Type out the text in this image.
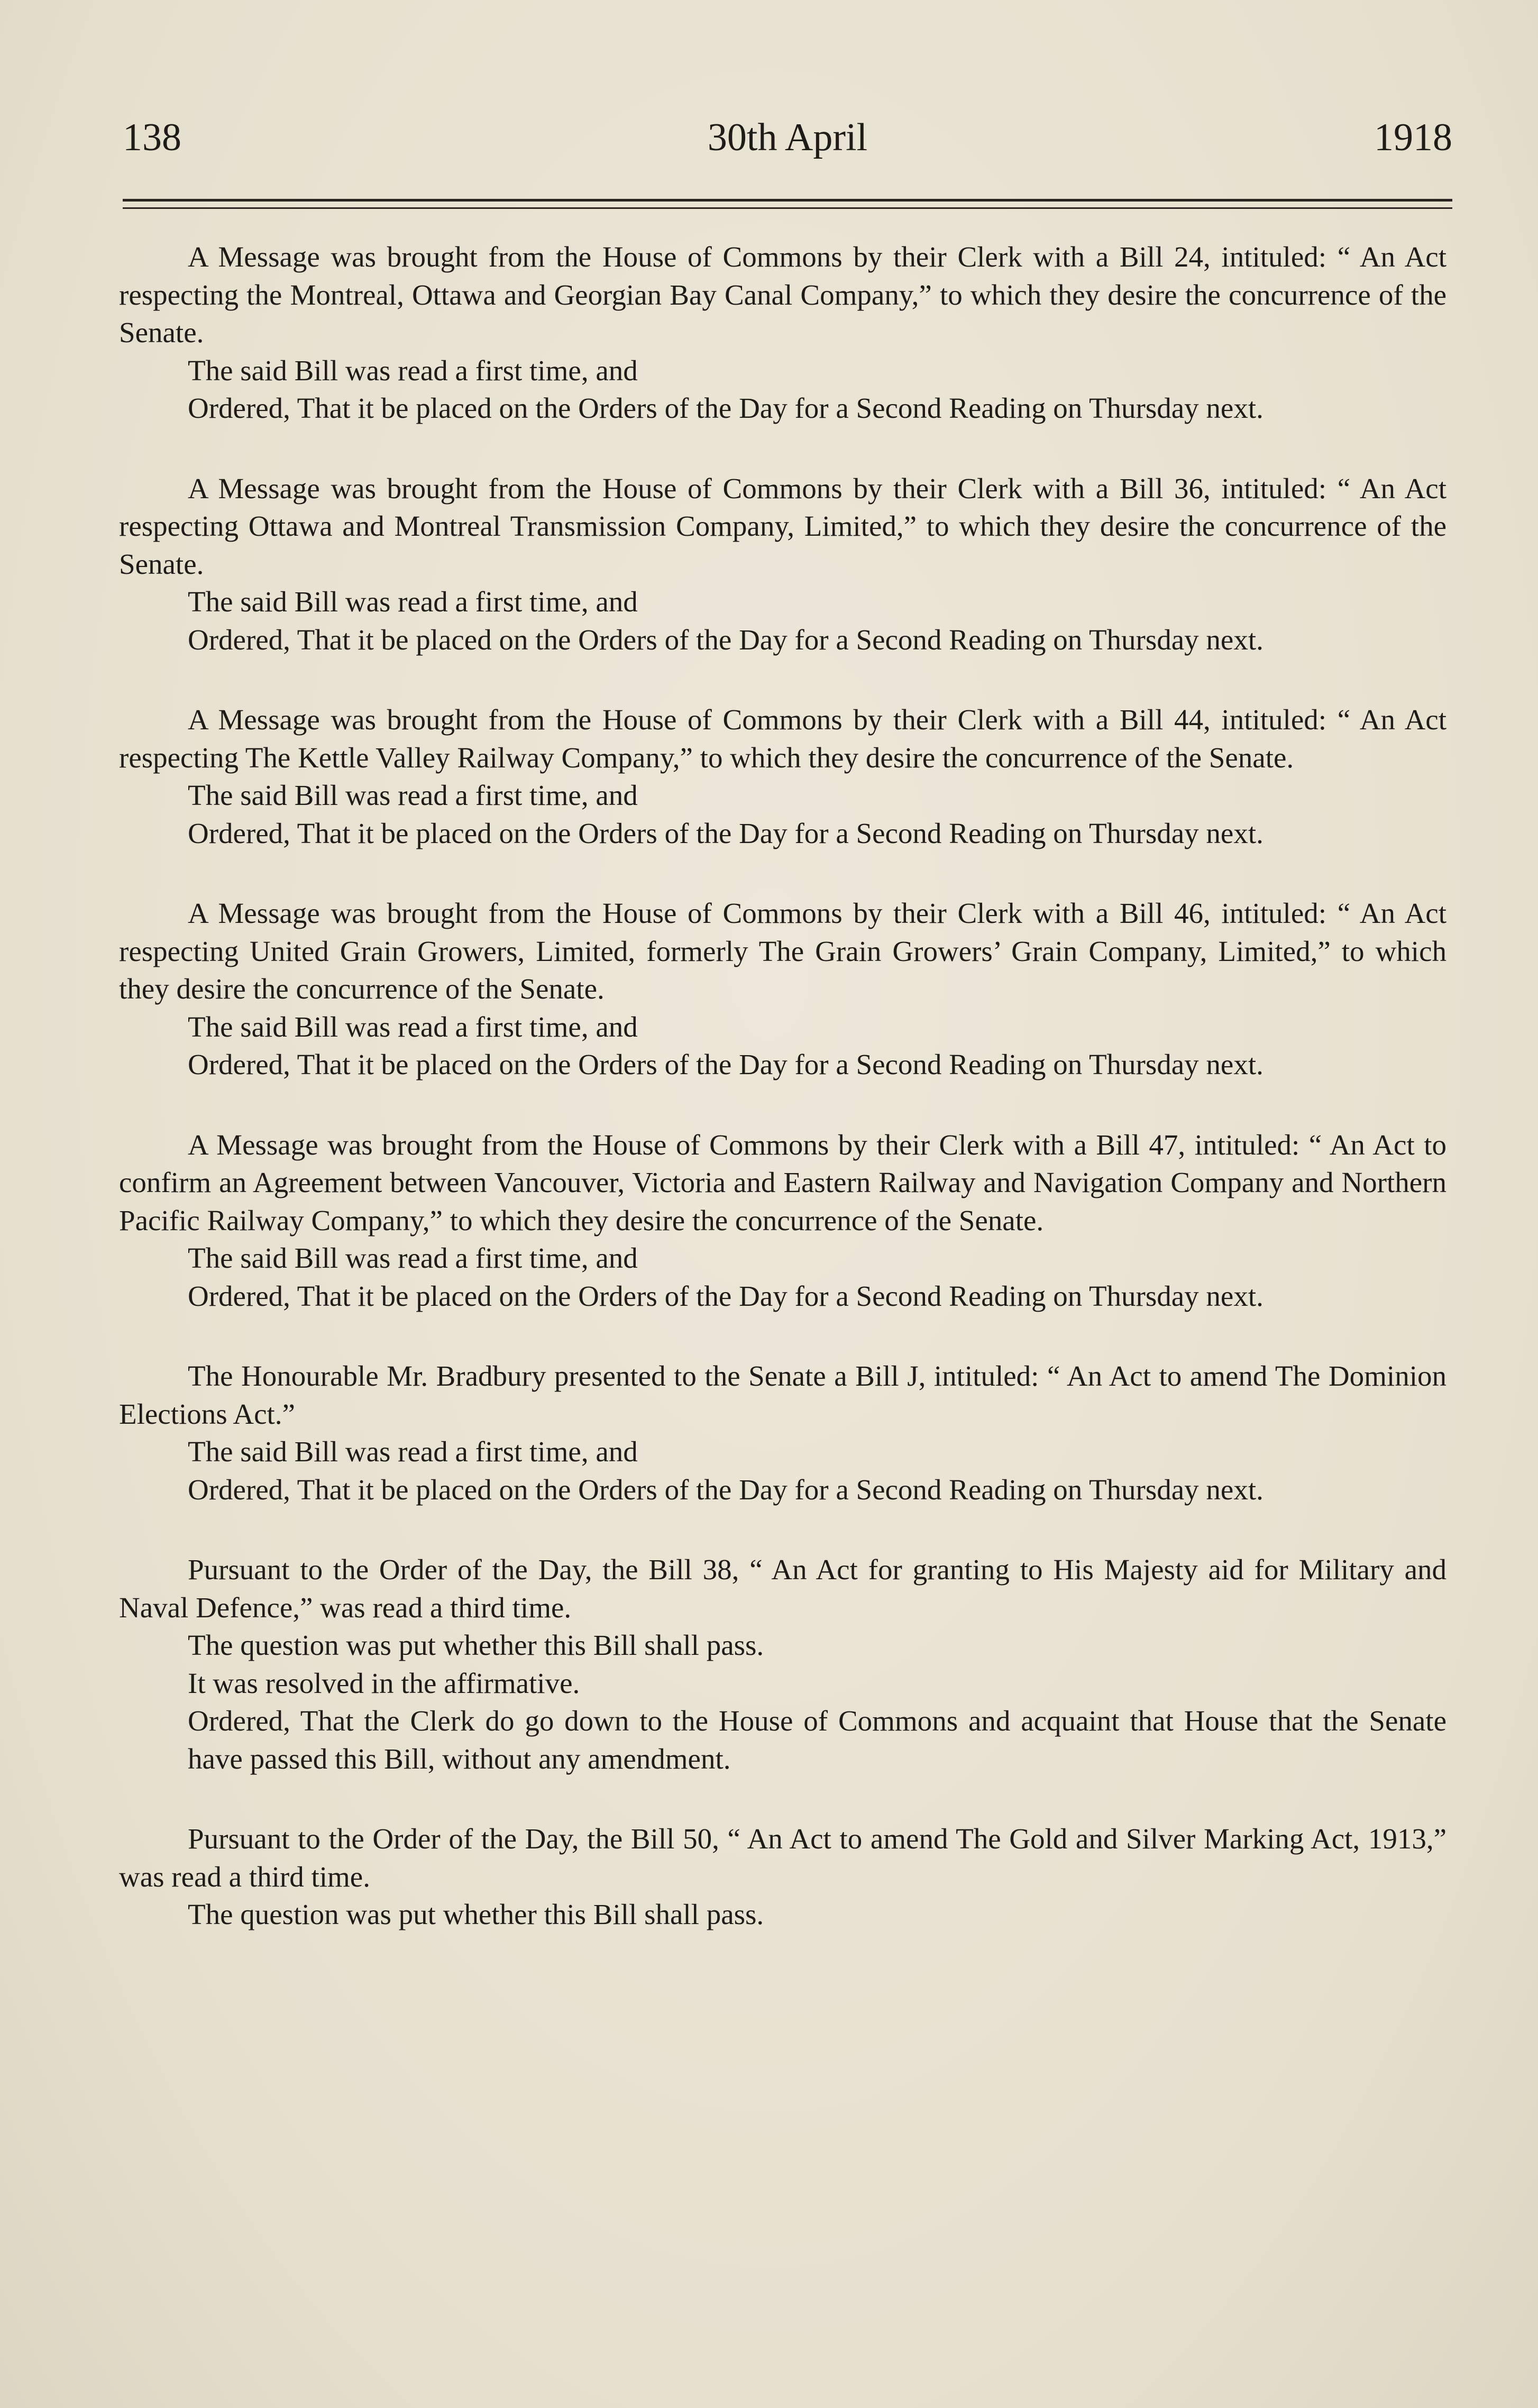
138	30th April	1918

A Message was brought from the House of Commons by their Clerk with a Bill 24, intituled: “ An Act respecting the Montreal, Ottawa and Georgian Bay Canal Company,” to which they desire the concurrence of the Senate.

The said Bill was read a first time, and

Ordered, That it be placed on the Orders of the Day for a Second Reading on Thursday next.

A Message was brought from the House of Commons by their Clerk with a Bill 36, intituled: “ An Act respecting Ottawa and Montreal Transmission Company, Limited,” to which they desire the concurrence of the Senate.

The said Bill was read a first time, and

Ordered, That it be placed on the Orders of the Day for a Second Reading on Thursday next.

A Message was brought from the House of Commons by their Clerk with a Bill 44, intituled: “ An Act respecting The Kettle Valley Railway Company,” to which they desire the concurrence of the Senate.

The said Bill was read a first time, and

Ordered, That it be placed on the Orders of the Day for a Second Reading on Thursday next.

A Message was brought from the House of Commons by their Clerk with a Bill 46, intituled: “ An Act respecting United Grain Growers, Limited, formerly The Grain Growers’ Grain Company, Limited,” to which they desire the concurrence of the Senate.

The said Bill was read a first time, and

Ordered, That it be placed on the Orders of the Day for a Second Reading on Thursday next.

A Message was brought from the House of Commons by their Clerk with a Bill 47, intituled: “ An Act to confirm an Agreement between Vancouver, Victoria and Eastern Railway and Navigation Company and Northern Pacific Railway Company,” to which they desire the concurrence of the Senate.

The said Bill was read a first time, and

Ordered, That it be placed on the Orders of the Day for a Second Reading on Thursday next.

The Honourable Mr. Bradbury presented to the Senate a Bill J, intituled: “ An Act to amend The Dominion Elections Act.”

The said Bill was read a first time, and

Ordered, That it be placed on the Orders of the Day for a Second Reading on Thursday next.

Pursuant to the Order of the Day, the Bill 38, “ An Act for granting to His Majesty aid for Military and Naval Defence,” was read a third time.

The question was put whether this Bill shall pass.

It was resolved in the affirmative.

Ordered, That the Clerk do go down to the House of Commons and acquaint that House that the Senate have passed this Bill, without any amendment.

Pursuant to the Order of the Day, the Bill 50, “ An Act to amend The Gold and Silver Marking Act, 1913,” was read a third time.

The question was put whether this Bill shall pass.
